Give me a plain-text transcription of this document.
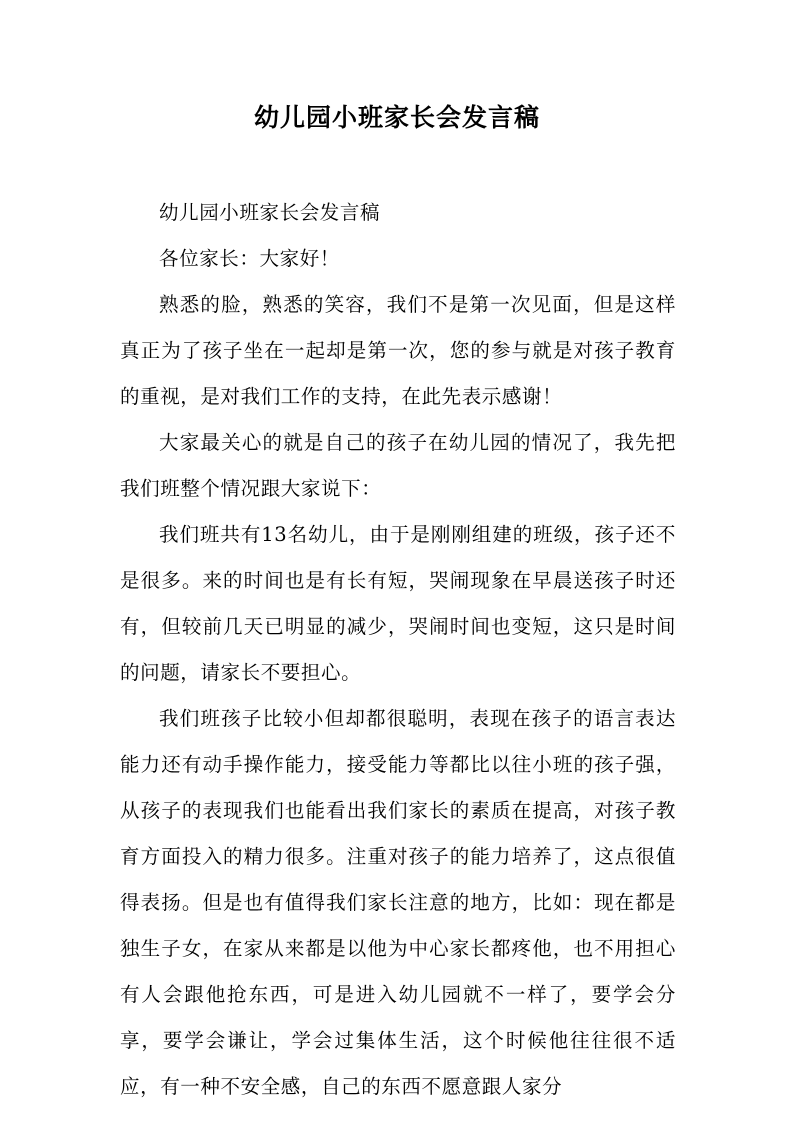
幼儿园小班家长会发言稿

幼儿园小班家长会发言稿

各位家长：大家好！

熟悉的脸，熟悉的笑容，我们不是第一次见面，但是这样真正为了孩子坐在一起却是第一次，您的参与就是对孩子教育的重视，是对我们工作的支持，在此先表示感谢！

大家最关心的就是自己的孩子在幼儿园的情况了，我先把我们班整个情况跟大家说下：

我们班共有13名幼儿，由于是刚刚组建的班级，孩子还不是很多。来的时间也是有长有短，哭闹现象在早晨送孩子时还有，但较前几天已明显的减少，哭闹时间也变短，这只是时间的问题，请家长不要担心。

我们班孩子比较小但却都很聪明，表现在孩子的语言表达能力还有动手操作能力，接受能力等都比以往小班的孩子强，从孩子的表现我们也能看出我们家长的素质在提高，对孩子教育方面投入的精力很多。注重对孩子的能力培养了，这点很值得表扬。但是也有值得我们家长注意的地方，比如：现在都是独生子女，在家从来都是以他为中心家长都疼他，也不用担心有人会跟他抢东西，可是进入幼儿园就不一样了，要学会分享，要学会谦让，学会过集体生活，这个时候他往往很不适应，有一种不安全感，自己的东西不愿意跟人家分
